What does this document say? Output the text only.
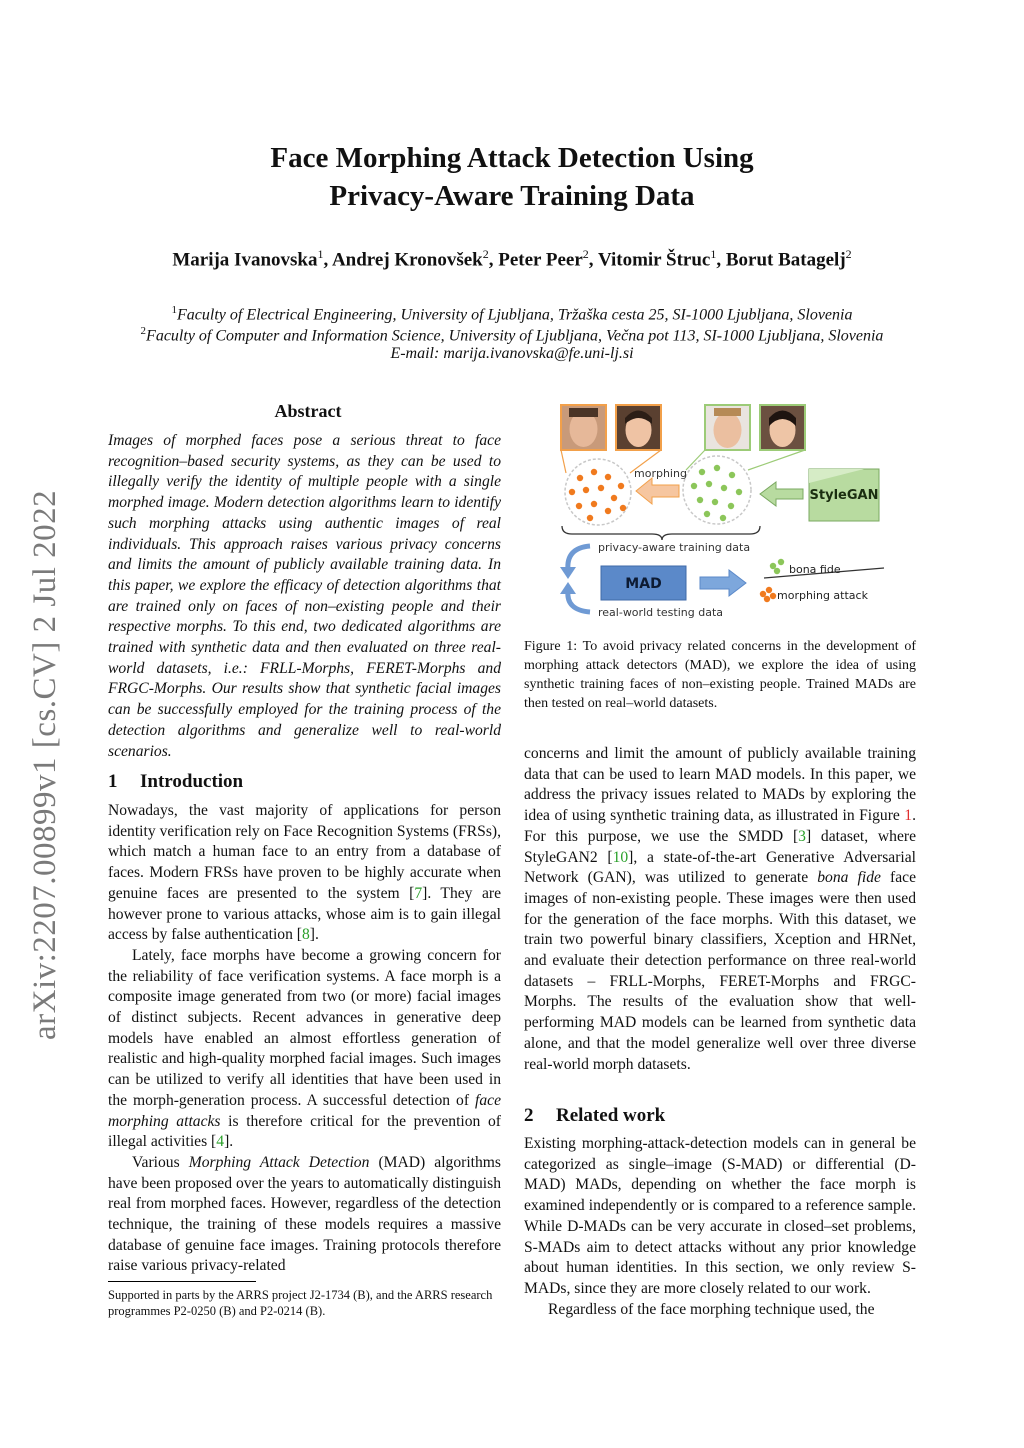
arXiv:2207.00899v1 [cs.CV] 2 Jul 2022
Face Morphing Attack Detection Using
Privacy-Aware Training Data
Marija Ivanovska$^1$, Andrej Kronovšek$^2$, Peter Peer$^2$, Vitomir Štruc$^1$, Borut Batagelj$^2$
$^1$Faculty of Electrical Engineering, University of Ljubljana, Tržaška cesta 25, SI-1000 Ljubljana, Slovenia
$^2$Faculty of Computer and Information Science, University of Ljubljana, Večna pot 113, SI-1000 Ljubljana, Slovenia
E-mail: marija.ivanovska@fe.uni-lj.si
Abstract
Images of morphed faces pose a serious threat to face recognition–based security systems, as they can be used to illegally verify the identity of multiple people with a single morphed image. Modern detection algorithms learn to identify such morphing attacks using authentic images of real individuals. This approach raises various privacy concerns and limits the amount of publicly available training data. In this paper, we explore the efficacy of detection algorithms that are trained only on faces of non–existing people and their respective morphs. To this end, two dedicated algorithms are trained with synthetic data and then evaluated on three real-world datasets, i.e.: FRLL-Morphs, FERET-Morphs and FRGC-Morphs. Our results show that synthetic facial images can be successfully employed for the training process of the detection algorithms and generalize well to real-world scenarios.
1 Introduction

Nowadays, the vast majority of applications for person identity verification rely on Face Recognition Systems (FRSs), which match a human face to an entry from a database of faces. Modern FRSs have proven to be highly accurate when genuine faces are presented to the system [7]. They are however prone to various attacks, whose aim is to gain illegal access by false authentication [8].

Lately, face morphs have become a growing concern for the reliability of face verification systems. A face morph is a composite image generated from two (or more) facial images of distinct subjects. Recent advances in generative deep models have enabled an almost effortless generation of realistic and high-quality morphed facial images. Such images can be utilized to verify all identities that have been used in the morph-generation process. A successful detection of face morphing attacks is therefore critical for the prevention of illegal activities [4].

Various Morphing Attack Detection (MAD) algorithms have been proposed over the years to automatically distinguish real from morphed faces. However, regardless of the detection technique, the training of these models requires a massive database of genuine face images. Training protocols therefore raise various privacy-related

Supported in parts by the ARRS project J2-1734 (B), and the ARRS research programmes P2-0250 (B) and P2-0214 (B).
morphing
StyleGAN
privacy-aware training data
MAD
real-world testing data
bona fide
morphing attack
Figure 1: To avoid privacy related concerns in the development of morphing attack detectors (MAD), we explore the idea of using synthetic training faces of non–existing people. Trained MADs are then tested on real–world datasets.

concerns and limit the amount of publicly available training data that can be used to learn MAD models. In this paper, we address the privacy issues related to MADs by exploring the idea of using synthetic training data, as illustrated in Figure 1. For this purpose, we use the SMDD [3] dataset, where StyleGAN2 [10], a state-of-the-art Generative Adversarial Network (GAN), was utilized to generate bona fide face images of non-existing people. These images were then used for the generation of the face morphs. With this dataset, we train two powerful binary classifiers, Xception and HRNet, and evaluate their detection performance on three real-world datasets – FRLL-Morphs, FERET-Morphs and FRGC-Morphs. The results of the evaluation show that well-performing MAD models can be learned from synthetic data alone, and that the model generalize well over three diverse real-world morph datasets.

2 Related work

Existing morphing-attack-detection models can in general be categorized as single–image (S-MAD) or differential (D-MAD) MADs, depending on whether the face morph is examined independently or is compared to a reference sample. While D-MADs can be very accurate in closed–set problems, S-MADs aim to detect attacks without any prior knowledge about human identities. In this section, we only review S-MADs, since they are more closely related to our work.

Regardless of the face morphing technique used, the
